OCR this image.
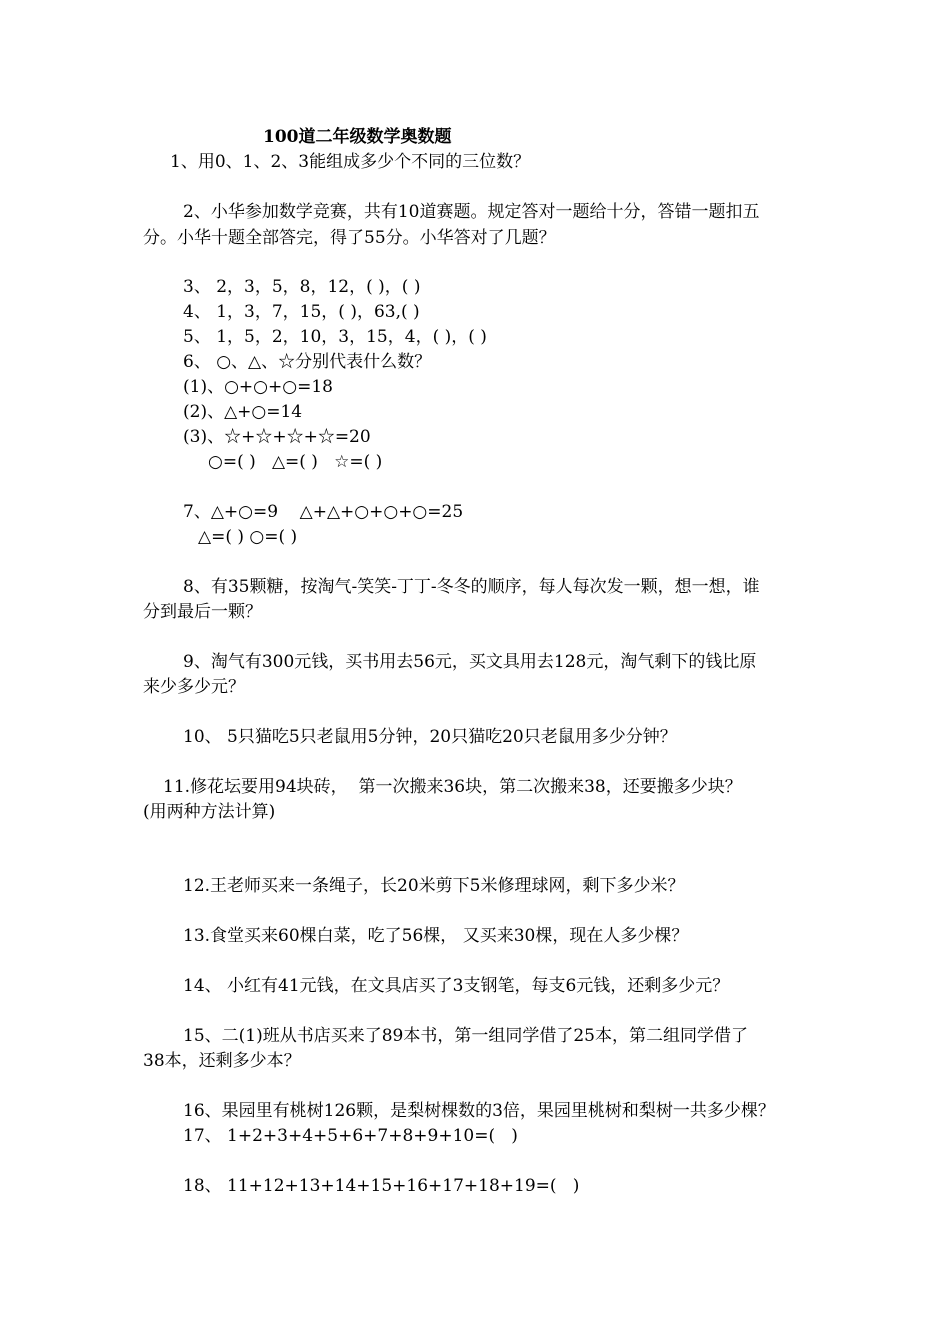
100道二年级数学奥数题
1、用0、1、2、3能组成多少个不同的三位数？
2、小华参加数学竞赛，共有10道赛题。规定答对一题给十分，答错一题扣五
分。小华十题全部答完，得了55分。小华答对了几题？
3、 2，3，5，8，12，( )，( )
4、 1，3，7，15，( )，63,( )
5、 1，5，2，10，3，15，4，( )，( )
6、 ○、△、☆分别代表什么数？
(1)、○+○+○=18
(2)、△+○=14
(3)、☆+☆+☆+☆=20
○=( )   △=( )   ☆=( )
7、△+○=9    △+△+○+○+○=25
△=( ) ○=( )
8、有35颗糖，按淘气-笑笑-丁丁-冬冬的顺序，每人每次发一颗，想一想，谁
分到最后一颗？
9、淘气有300元钱，买书用去56元，买文具用去128元，淘气剩下的钱比原
来少多少元？
10、 5只猫吃5只老鼠用5分钟，20只猫吃20只老鼠用多少分钟？
11.修花坛要用94块砖，  第一次搬来36块，第二次搬来38，还要搬多少块？
(用两种方法计算)
12.王老师买来一条绳子，长20米剪下5米修理球网，剩下多少米？
13.食堂买来60棵白菜，吃了56棵， 又买来30棵，现在人多少棵？
14、 小红有41元钱，在文具店买了3支钢笔，每支6元钱，还剩多少元？
15、二(1)班从书店买来了89本书，第一组同学借了25本，第二组同学借了
38本，还剩多少本？
16、果园里有桃树126颗，是梨树棵数的3倍，果园里桃树和梨树一共多少棵？
17、 1+2+3+4+5+6+7+8+9+10=(   )
18、 11+12+13+14+15+16+17+18+19=(   )
